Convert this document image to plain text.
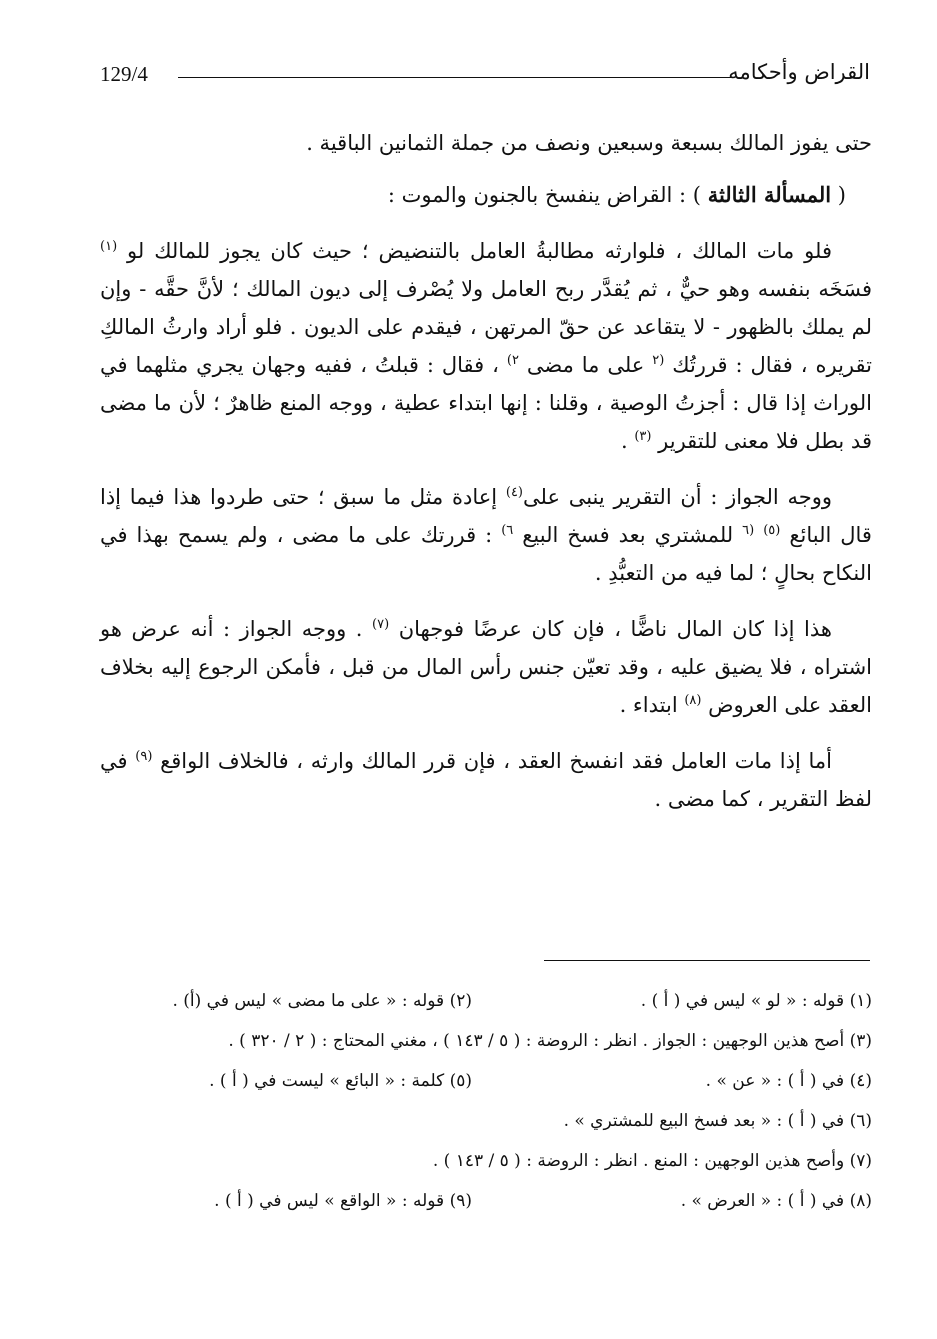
129/4	القراض وأحكامه

حتى يفوز المالك بسبعة وسبعين ونصف من جملة الثمانين الباقية .

( المسألة الثالثة ) : القراض ينفسخ بالجنون والموت :

فلو مات المالك ، فلوارثه مطالبةُ العامل بالتنضيض ؛ حيث كان يجوز للمالك لو $^{(١)}$ فسَخَه بنفسه وهو حيٌّ ، ثم يُقدَّر ربح العامل ولا يُصْرف إلى ديون المالك ؛ لأنَّ حقَّه - وإن لم يملك بالظهور - لا يتقاعد عن حقّ المرتهن ، فيقدم على الديون . فلو أراد وارثُ المالكِ تقريره ، فقال : قررتُك $^{(٢}$ على ما مضى $^{٢)}$ ، فقال : قبلتُ ، ففيه وجهان يجري مثلهما في الوراث إذا قال : أجزتُ الوصية ، وقلنا : إنها ابتداء عطية ، ووجه المنع ظاهرٌ ؛ لأن ما مضى قد بطل فلا معنى للتقرير $^{(٣)}$ .

ووجه الجواز : أن التقرير ينبى على$^{(٤)}$ إعادة مثل ما سبق ؛ حتى طردوا هذا فيما إذا قال البائع $^{(٥)}$ $^{(٦}$ للمشتري بعد فسخ البيع $^{٦)}$ : قررتك على ما مضى ، ولم يسمح بهذا في النكاح بحالٍ ؛ لما فيه من التعبُّدِ .

هذا إذا كان المال ناضًّا ، فإن كان عرضًا فوجهان $^{(٧)}$ . ووجه الجواز : أنه عرض هو اشتراه ، فلا يضيق عليه ، وقد تعيّن جنس رأس المال من قبل ، فأمكن الرجوع إليه بخلاف العقد على العروض $^{(٨)}$ ابتداء .

أما إذا مات العامل فقد انفسخ العقد ، فإن قرر المالك وارثه ، فالخلاف الواقع $^{(٩)}$ في لفظ التقرير ، كما مضى .

(١) قوله : « لو » ليس في ( أ ) .
(٢) قوله : « على ما مضى » ليس في (أ) .
(٣) أصح هذين الوجهين : الجواز . انظر : الروضة : ( ٥ / ١٤٣ ) ، مغني المحتاج : ( ٢ / ٣٢٠ ) .
(٤) في ( أ ) : « عن » .
(٥) كلمة : « البائع » ليست في ( أ ) .
(٦) في ( أ ) : « بعد فسخ البيع للمشتري » .
(٧) وأصح هذين الوجهين : المنع . انظر : الروضة : ( ٥ / ١٤٣ ) .
(٨) في ( أ ) : « العرض » .
(٩) قوله : « الواقع » ليس في ( أ ) .
